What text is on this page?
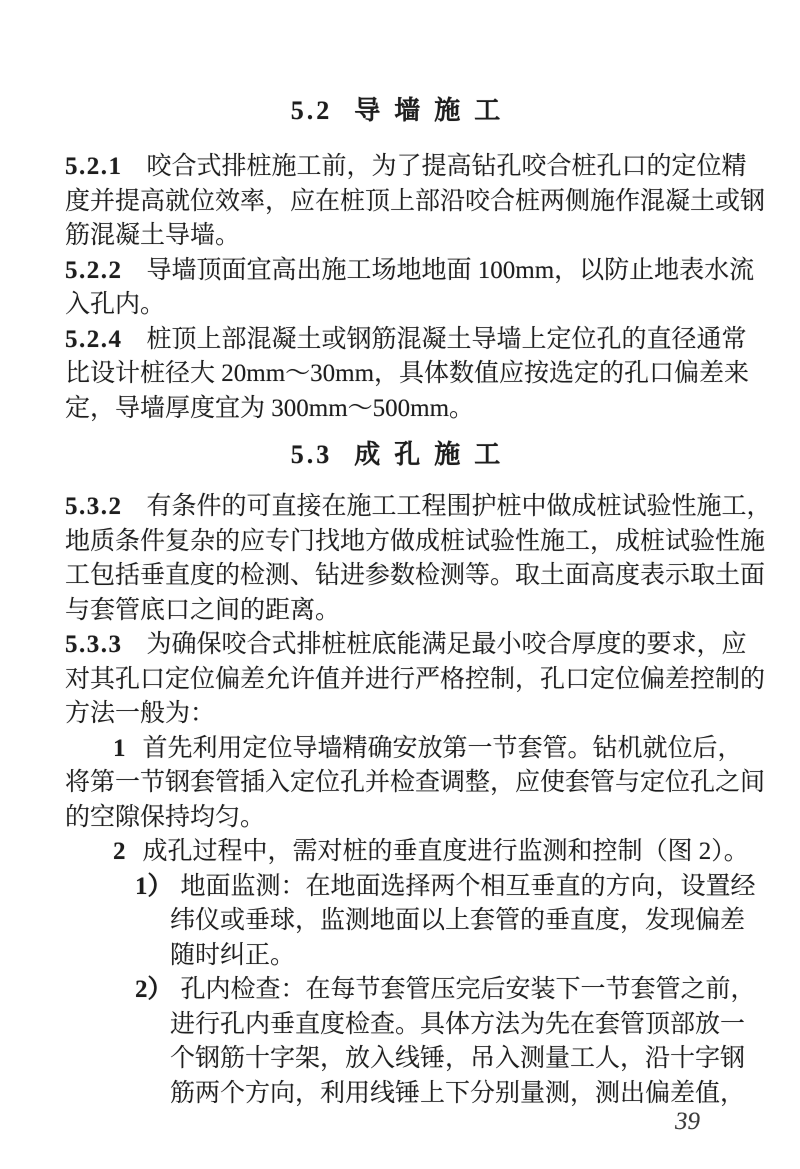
5.2 导墙施工
5.2.1 咬合式排桩施工前，为了提高钻孔咬合桩孔口的定位精
度并提高就位效率，应在桩顶上部沿咬合桩两侧施作混凝土或钢
筋混凝土导墙。
5.2.2 导墙顶面宜高出施工场地地面 100mm，以防止地表水流
入孔内。
5.2.4 桩顶上部混凝土或钢筋混凝土导墙上定位孔的直径通常
比设计桩径大 20mm～30mm，具体数值应按选定的孔口偏差来
定，导墙厚度宜为 300mm～500mm。
5.3 成孔施工
5.3.2 有条件的可直接在施工工程围护桩中做成桩试验性施工，
地质条件复杂的应专门找地方做成桩试验性施工，成桩试验性施
工包括垂直度的检测、钻进参数检测等。取土面高度表示取土面
与套管底口之间的距离。
5.3.3 为确保咬合式排桩桩底能满足最小咬合厚度的要求，应
对其孔口定位偏差允许值并进行严格控制，孔口定位偏差控制的
方法一般为：
1 首先利用定位导墙精确安放第一节套管。钻机就位后，
将第一节钢套管插入定位孔并检查调整，应使套管与定位孔之间
的空隙保持均匀。
2 成孔过程中，需对桩的垂直度进行监测和控制（图 2）。
1） 地面监测：在地面选择两个相互垂直的方向，设置经
纬仪或垂球，监测地面以上套管的垂直度，发现偏差
随时纠正。
2） 孔内检查：在每节套管压完后安装下一节套管之前，
进行孔内垂直度检查。具体方法为先在套管顶部放一
个钢筋十字架，放入线锤，吊入测量工人，沿十字钢
筋两个方向，利用线锤上下分别量测，测出偏差值，
39
